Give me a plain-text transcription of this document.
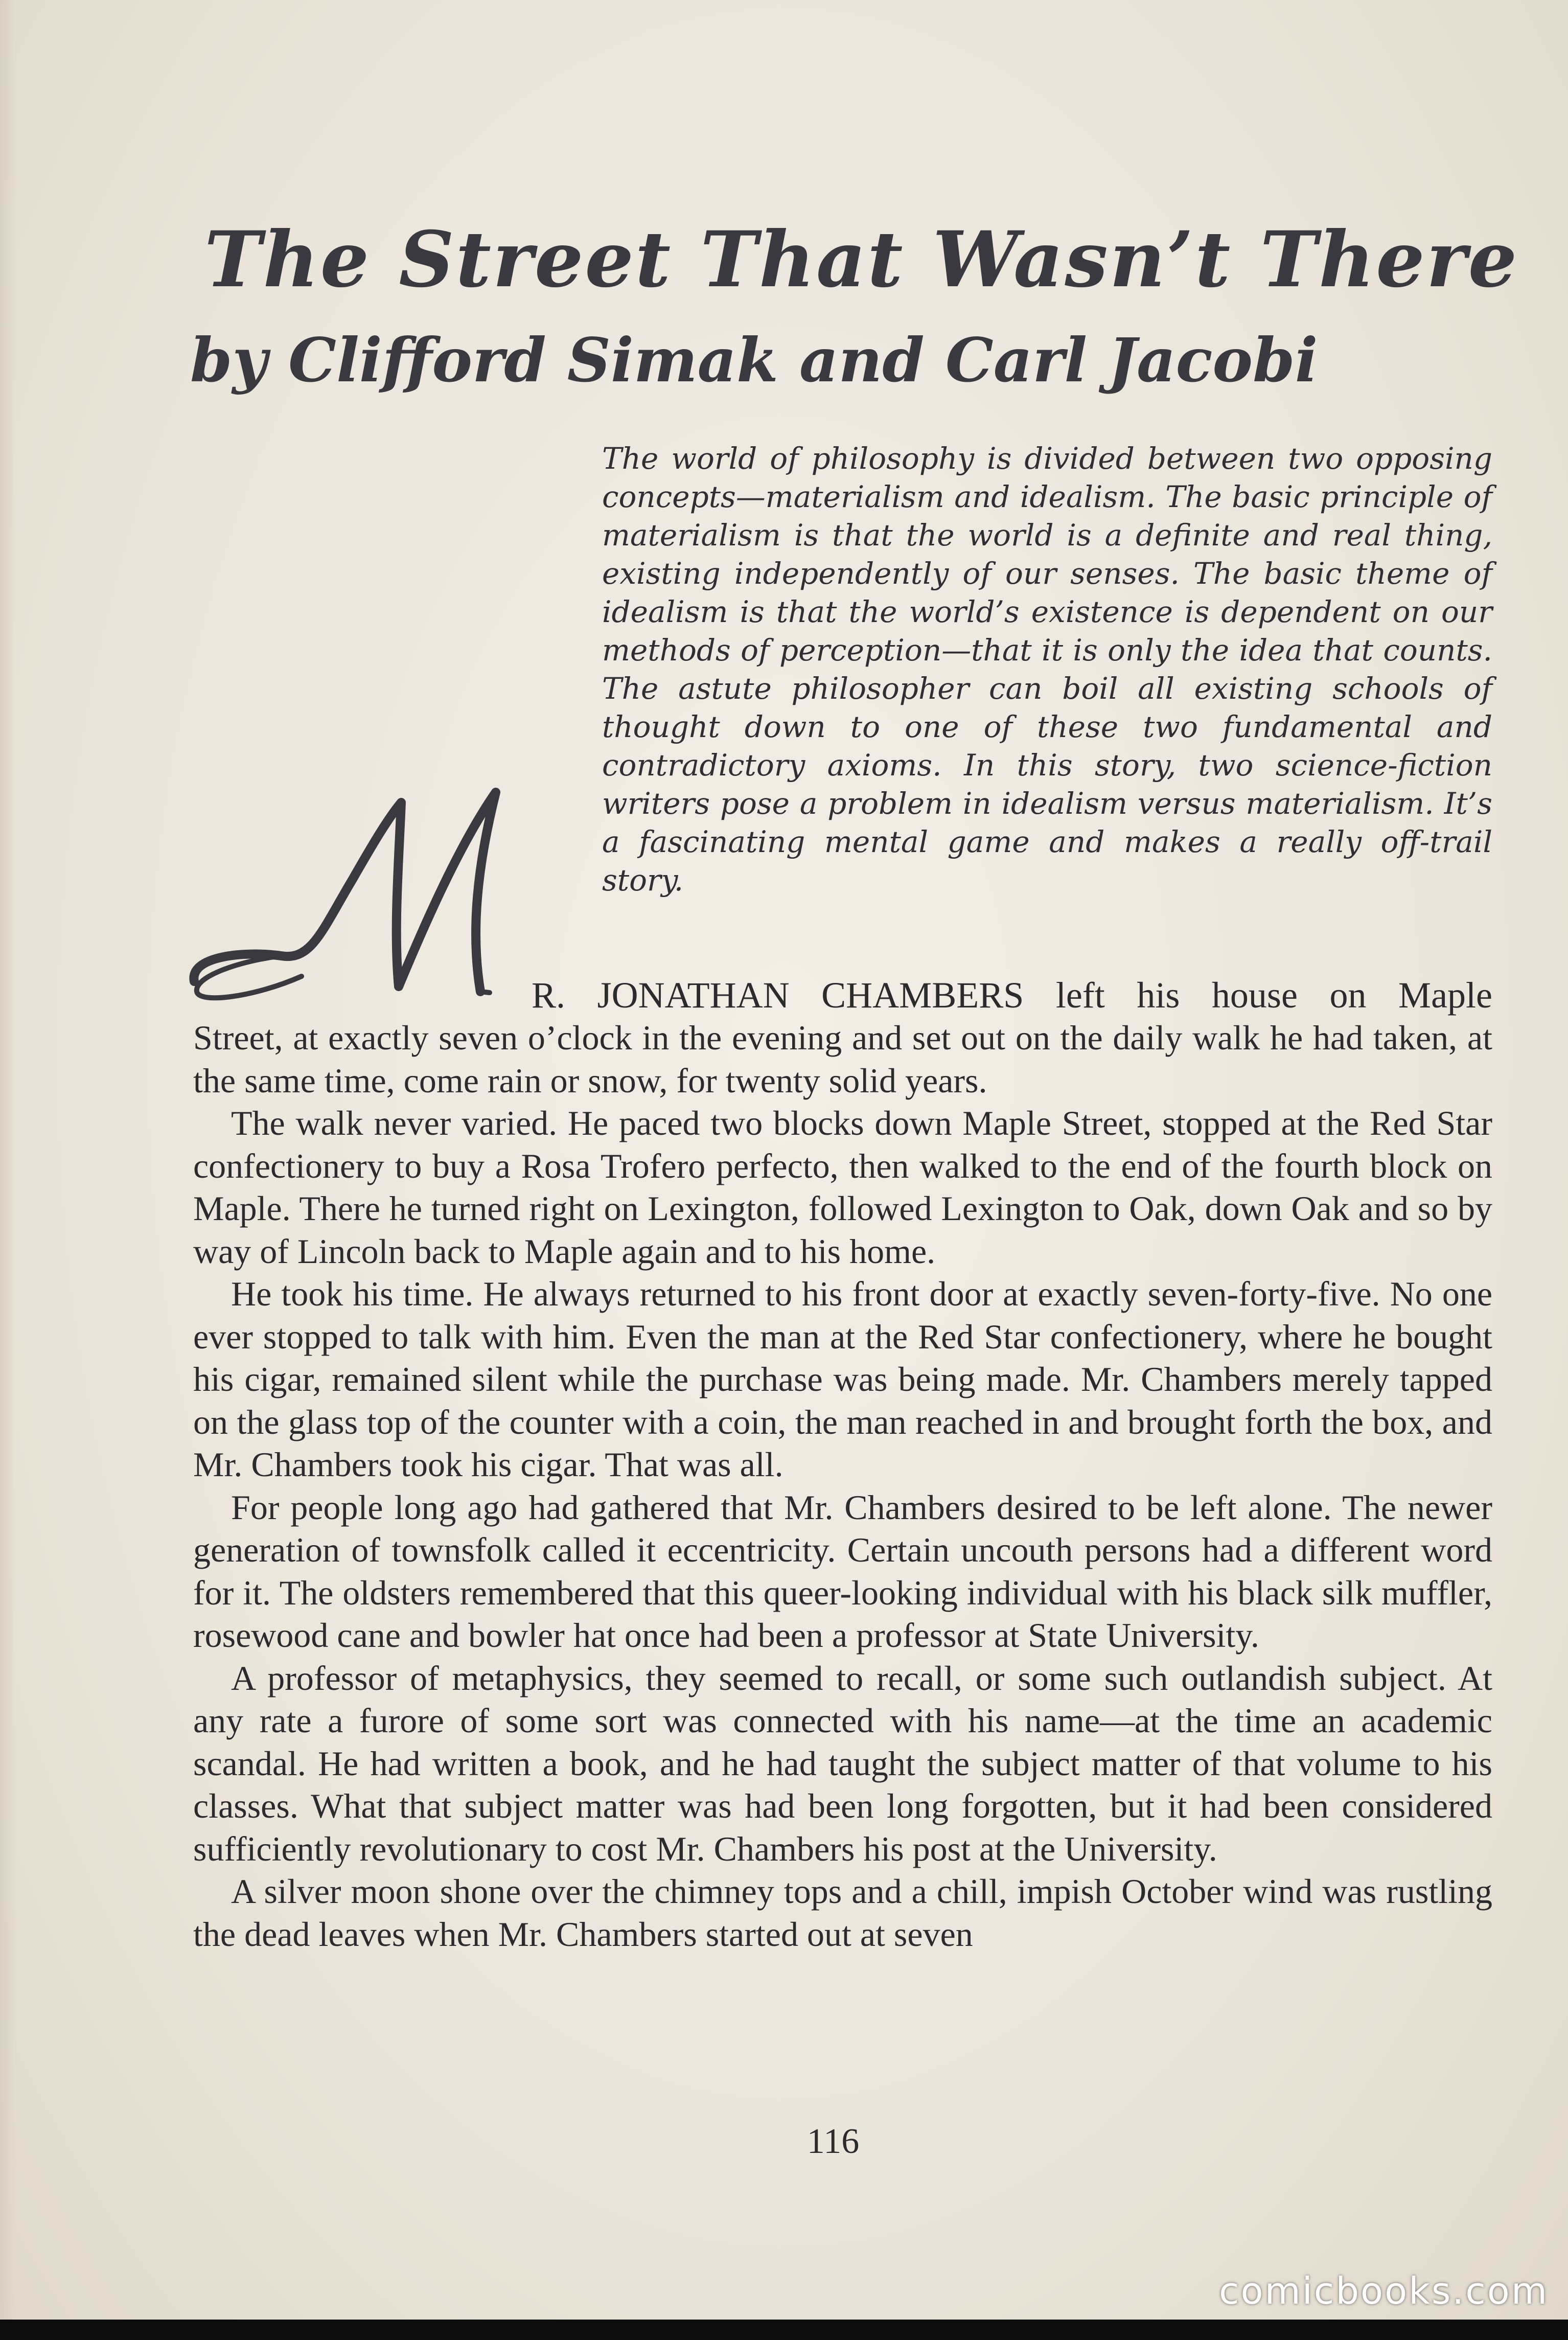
The Street That Wasn’t There
by Clifford Simak and Carl Jacobi

The world of philosophy is divided between two opposing concepts—materialism and idealism. The basic principle of materialism is that the world is a definite and real thing, existing independently of our senses. The basic theme of idealism is that the world’s existence is dependent on our methods of perception—that it is only the idea that counts. The astute philosopher can boil all existing schools of thought down to one of these two fundamental and contradictory axioms. In this story, two science-fiction writers pose a problem in idealism versus materialism. It’s a fascinating mental game and makes a really off-trail story.

R. JONATHAN CHAMBERS left his house on Maple

Street, at exactly seven o’clock in the evening and set out on the daily walk he had taken, at the same time, come rain or snow, for twenty solid years.

The walk never varied. He paced two blocks down Maple Street, stopped at the Red Star confectionery to buy a Rosa Trofero perfecto, then walked to the end of the fourth block on Maple. There he turned right on Lexington, followed Lexington to Oak, down Oak and so by way of Lincoln back to Maple again and to his home.

He took his time. He always returned to his front door at exactly seven-forty-five. No one ever stopped to talk with him. Even the man at the Red Star confectionery, where he bought his cigar, remained silent while the purchase was being made. Mr. Chambers merely tapped on the glass top of the counter with a coin, the man reached in and brought forth the box, and Mr. Chambers took his cigar. That was all.

For people long ago had gathered that Mr. Chambers desired to be left alone. The newer generation of townsfolk called it eccentricity. Certain uncouth persons had a different word for it. The oldsters remembered that this queer-looking individual with his black silk muffler, rosewood cane and bowler hat once had been a professor at State University.

A professor of metaphysics, they seemed to recall, or some such outlandish subject. At any rate a furore of some sort was connected with his name—at the time an academic scandal. He had written a book, and he had taught the subject matter of that volume to his classes. What that subject matter was had been long forgotten, but it had been considered sufficiently revolutionary to cost Mr. Chambers his post at the University.

A silver moon shone over the chimney tops and a chill, impish October wind was rustling the dead leaves when Mr. Chambers started out at seven

116
comicbooks.com
